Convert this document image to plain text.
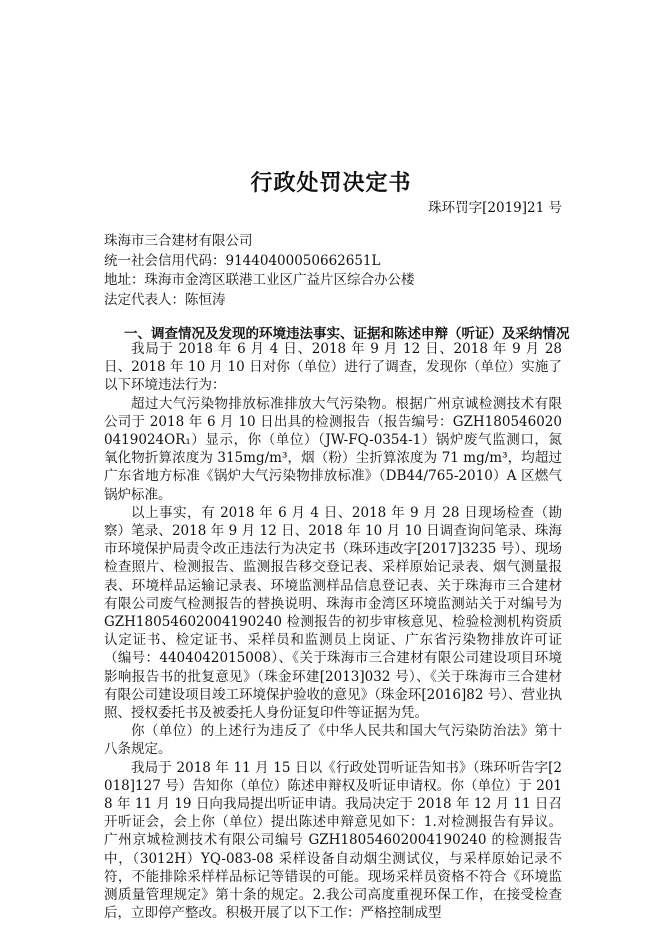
行政处罚决定书
珠环罚字[2019]21 号
珠海市三合建材有限公司
统一社会信用代码：91440400050662651L
地址：珠海市金湾区联港工业区广益片区综合办公楼
法定代表人：陈恒涛
一、调查情况及发现的环境违法事实、证据和陈述申辩（听证）及采纳情况

我局于 2018 年 6 月 4 日、2018 年 9 月 12 日、2018 年 9 月 28 日、2018 年 10 月 10 日对你（单位）进行了调查，发现你（单位）实施了以下环境违法行为：

超过大气污染物排放标准排放大气污染物。根据广州京诚检测技术有限公司于 2018 年 6 月 10 日出具的检测报告（报告编号：GZH1805460200419024OR₁）显示，你（单位）（JW-FQ-0354-1）锅炉废气监测口，氮氧化物折算浓度为 315mg/m³，烟（粉）尘折算浓度为 71 mg/m³，均超过广东省地方标准《锅炉大气污染物排放标准》（DB44/765-2010）A 区燃气锅炉标准。

以上事实，有 2018 年 6 月 4 日、2018 年 9 月 28 日现场检查（勘察）笔录、2018 年 9 月 12 日、2018 年 10 月 10 日调查询问笔录、珠海市环境保护局责令改正违法行为决定书（珠环违改字[2017]3235 号）、现场检查照片、检测报告、监测报告移交登记表、采样原始记录表、烟气测量报表、环境样品运输记录表、环境监测样品信息登记表、关于珠海市三合建材有限公司废气检测报告的替换说明、珠海市金湾区环境监测站关于对编号为 GZH18054602004190240 检测报告的初步审核意见、检验检测机构资质认定证书、检定证书、采样员和监测员上岗证、广东省污染物排放许可证（编号：4404042015008）、《关于珠海市三合建材有限公司建设项目环境影响报告书的批复意见》（珠金环建[2013]032 号）、《关于珠海市三合建材有限公司建设项目竣工环境保护验收的意见》（珠金环[2016]82 号）、营业执照、授权委托书及被委托人身份证复印件等证据为凭。

你（单位）的上述行为违反了《中华人民共和国大气污染防治法》第十八条规定。

我局于 2018 年 11 月 15 日以《行政处罚听证告知书》（珠环听告字[2018]127 号）告知你（单位）陈述申辩权及听证申请权。你（单位）于 2018 年 11 月 19 日向我局提出听证申请。我局决定于 2018 年 12 月 11 日召开听证会，会上你（单位）提出陈述申辩意见如下：1.对检测报告有异议。广州京城检测技术有限公司编号 GZH18054602004190240 的检测报告中，（3012H）YQ-083-08 采样设备自动烟尘测试仪，与采样原始记录不符，不能排除采样样品标记等错误的可能。现场采样员资格不符合《环境监测质量管理规定》第十条的规定。2.我公司高度重视环保工作，在接受检查后，立即停产整改。积极开展了以下工作：严格控制成型
